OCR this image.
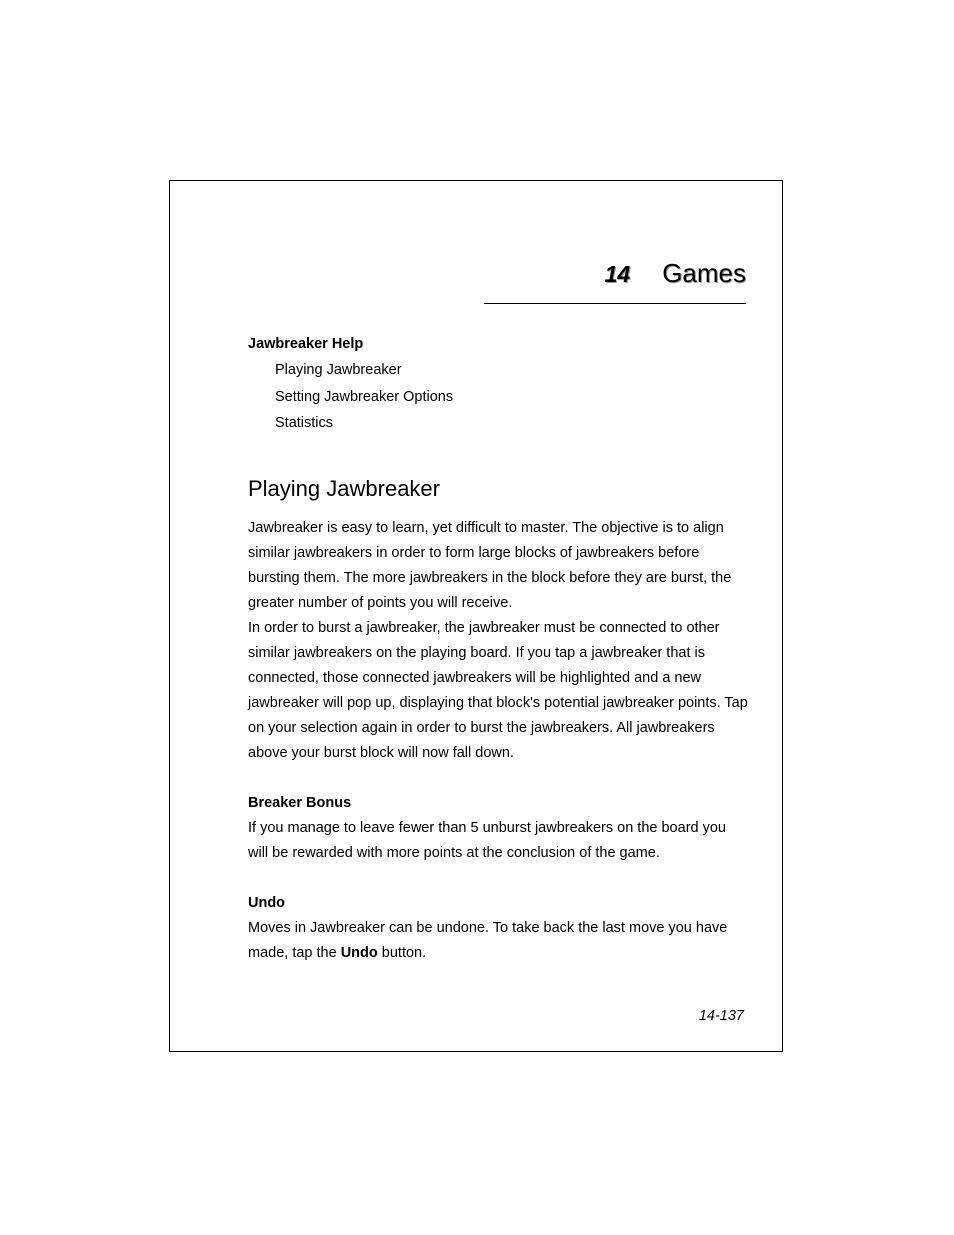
14 Games
Jawbreaker Help
Playing Jawbreaker
Setting Jawbreaker Options
Statistics
Playing Jawbreaker

Jawbreaker is easy to learn, yet difficult to master. The objective is to align similar jawbreakers in order to form large blocks of jawbreakers before bursting them. The more jawbreakers in the block before they are burst, the greater number of points you will receive.

In order to burst a jawbreaker, the jawbreaker must be connected to other similar jawbreakers on the playing board. If you tap a jawbreaker that is connected, those connected jawbreakers will be highlighted and a new jawbreaker will pop up, displaying that block's potential jawbreaker points. Tap on your selection again in order to burst the jawbreakers. All jawbreakers above your burst block will now fall down.

Breaker Bonus

If you manage to leave fewer than 5 unburst jawbreakers on the board you will be rewarded with more points at the conclusion of the game.

Undo

Moves in Jawbreaker can be undone. To take back the last move you have made, tap the Undo button.

14-137
